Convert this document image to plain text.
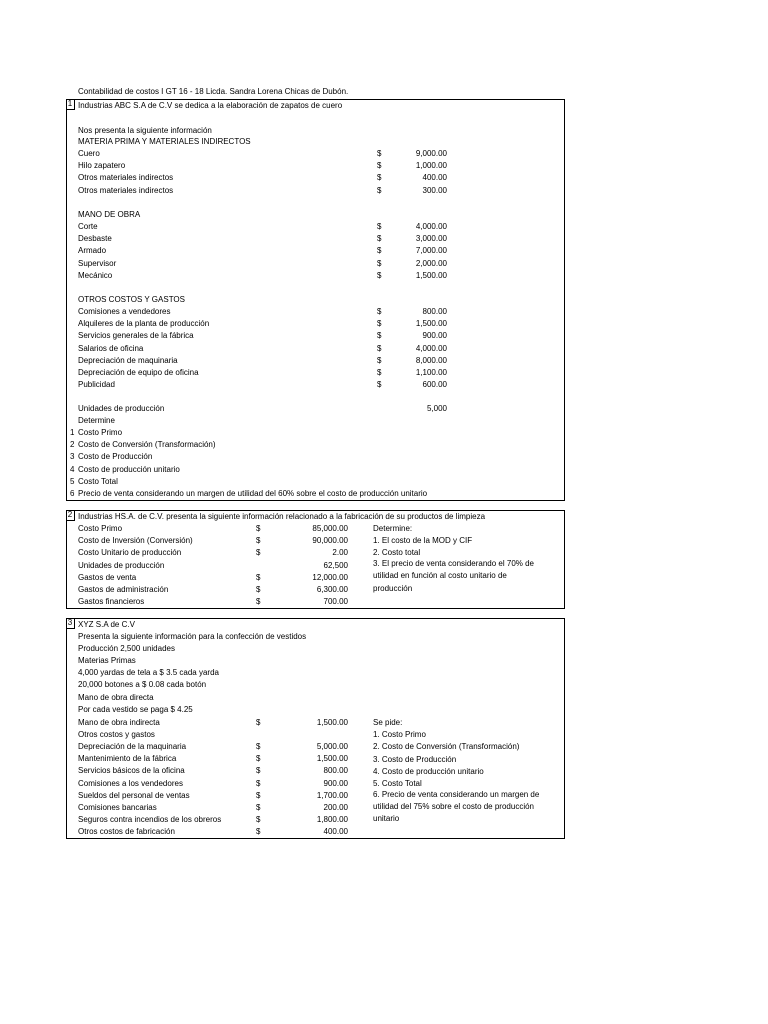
Contabilidad de costos I GT 16 - 18 Licda. Sandra Lorena Chicas de Dubón.
1 Industrias ABC S.A de C.V se dedica a la elaboración de zapatos de cuero
Nos presenta la siguiente información
MATERIA PRIMA Y MATERIALES INDIRECTOS
Cuero	$	9,000.00
Hilo zapatero	$	1,000.00
Otros materiales indirectos	$	400.00
Otros materiales indirectos	$	300.00
MANO DE OBRA
Corte	$	4,000.00
Desbaste	$	3,000.00
Armado	$	7,000.00
Supervisor	$	2,000.00
Mecánico	$	1,500.00
OTROS COSTOS Y GASTOS
Comisiones a vendedores	$	800.00
Alquileres de la planta de producción	$	1,500.00
Servicios generales de la fábrica	$	900.00
Salarios de oficina	$	4,000.00
Depreciación de maquinaria	$	8,000.00
Depreciación de equipo de oficina	$	1,100.00
Publicidad	$	600.00
Unidades de producción	5,000
Determine
1 Costo Primo
2 Costo de Conversión (Transformación)
3 Costo de Producción
4 Costo de producción unitario
5 Costo Total
6 Precio de venta considerando un margen de utilidad del 60% sobre el costo de producción unitario
2 Industrias HS.A. de C.V. presenta la siguiente información relacionado a la fabricación de su productos de limpieza
Costo Primo	$	85,000.00
Costo de Inversión (Conversión)	$	90,000.00
Costo Unitario de producción	$	2.00
Unidades de producción	62,500
Gastos de venta	$	12,000.00
Gastos de administración	$	6,300.00
Gastos financieros	$	700.00
Determine:
1. El costo de la MOD y CIF
2. Costo total
3. El precio de venta considerando el 70% de
utilidad en función al costo unitario de
producción
3 XYZ S.A de C.V
Presenta la siguiente información para la confección de vestidos
Producción 2,500 unidades
Materias Primas
4,000 yardas de tela a $ 3.5 cada yarda
20,000 botones a $ 0.08 cada botón
Mano de obra directa
Por cada vestido se paga $ 4.25
Mano de obra indirecta	$	1,500.00
Otros costos y gastos
Depreciación de la maquinaria	$	5,000.00
Mantenimiento de la fábrica	$	1,500.00
Servicios básicos de la oficina	$	800.00
Comisiones a los vendedores	$	900.00
Sueldos del personal de ventas	$	1,700.00
Comisiones bancarias	$	200.00
Seguros contra incendios de los obreros	$	1,800.00
Otros costos de fabricación	$	400.00
Se pide:
1. Costo Primo
2. Costo de Conversión (Transformación)
3. Costo de Producción
4. Costo de producción unitario
5. Costo Total
6. Precio de venta considerando un margen de
utilidad del 75% sobre el costo de producción
unitario
